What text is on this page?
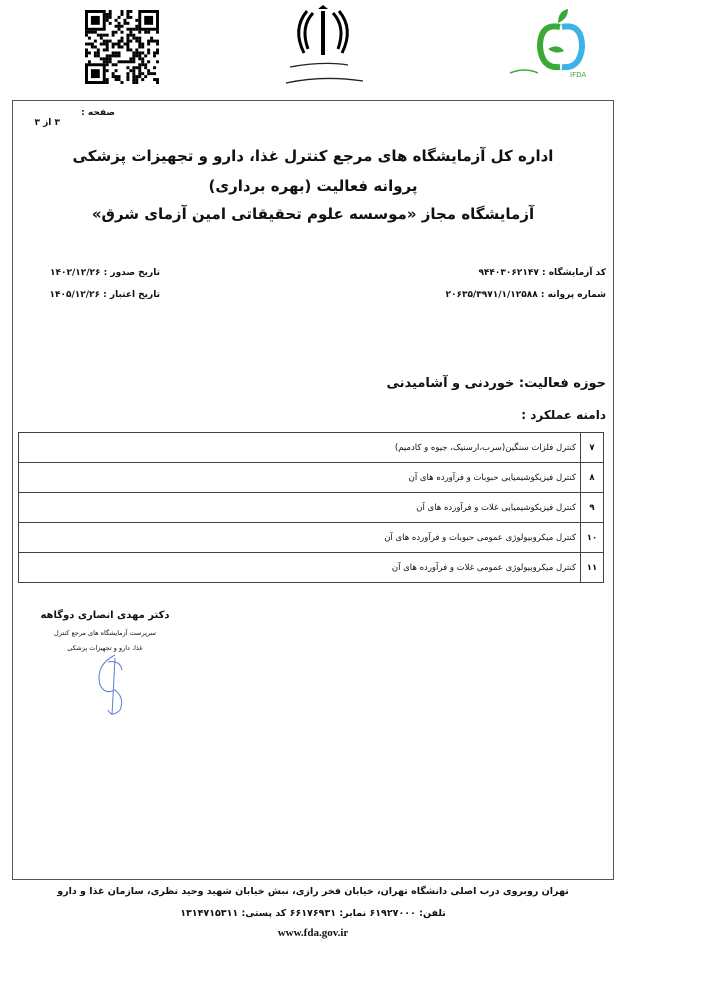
IFDA
صفحه : ۳ از ۳
اداره کل آزمایشگاه های مرجع کنترل غذا، دارو و تجهیزات پزشکی
پروانه فعالیت (بهره برداری)
آزمایشگاه مجاز «موسسه علوم تحقیقاتی امین آزمای شرق»
کد آزمایشگاه : ۹۴۴۰۳۰۶۲۱۴۷
شماره پروانه : ۲۰۶۳۵/۳۹۷۱/۱/۱۲۵۸۸
تاریخ صدور : ۱۴۰۲/۱۲/۲۶
تاریخ اعتبار : ۱۴۰۵/۱۲/۲۶
حوزه فعالیت: خوردنی و آشامیدنی
دامنه عملکرد :
۷	کنترل فلزات سنگین(سرب،ارسنیک، جیوه و کادمیم)
۸	کنترل فیزیکوشیمیایی حبوبات و فرآورده های آن
۹	کنترل فیزیکوشیمیایی غلات و فرآورده های آن
۱۰	کنترل میکروبیولوژی عمومی حبوبات و فرآورده های آن
۱۱	کنترل میکروبیولوژی عمومی غلات و فرآورده های آن
دکتر مهدی انصاری دوگاهه
سرپرست آزمایشگاه های مرجع کنترل
غذا، دارو و تجهیزات پزشکی
تهران روبروی درب اصلی دانشگاه تهران، خیابان فخر رازی، نبش خیابان شهید وحید نظری، سازمان غذا و دارو
تلفن: ۶۱۹۲۷۰۰۰ نمابر: ۶۶۱۷۶۹۳۱ کد پستی: ۱۳۱۴۷۱۵۳۱۱
www.fda.gov.ir
